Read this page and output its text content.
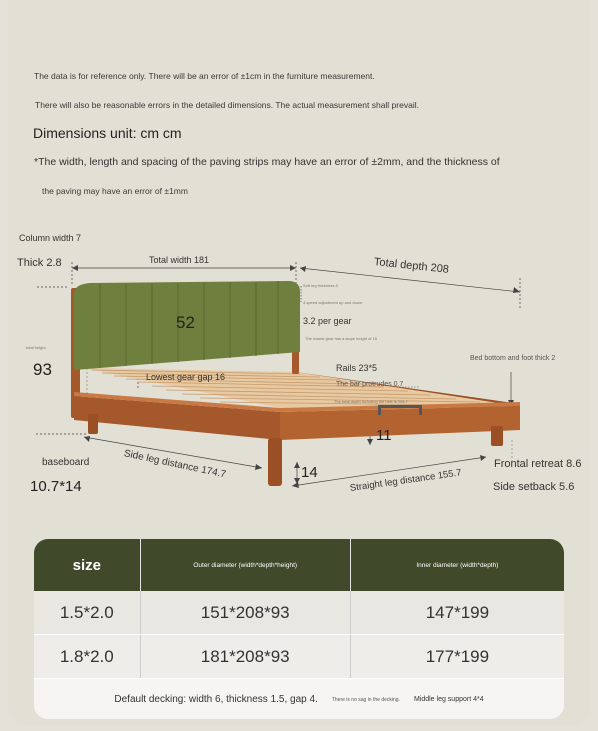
The data is for reference only. There will be an error of ±1cm in the furniture measurement.
There will also be reasonable errors in the detailed dimensions. The actual measurement shall prevail.
Dimensions unit: cm cm
*The width, length and spacing of the paving strips may have an error of ±2mm, and the thickness of
the paving may have an error of ±1mm
Column width 7
Thick 2.8	Total width 181	Total depth 208
52
Soft leg thickness 8
4 speed adjustment up and down
3.2 per gear
The lowest gear has a slope height of 16
total height
93	Rails 23*5
Bed bottom and foot thick 2
Lowest gear gap 16
The bar protrudes 0.7
The total depth including the rails is 208.7
11
Side leg distance 174.7
baseboard
10.7*14
14	Straight leg distance 155.7
Frontal retreat 8.6
Side setback 5.6
size	Outer diameter (width*depth*height)	Inner diameter (width*depth)
1.5*2.0	151*208*93	147*199
1.8*2.0	181*208*93	177*199
Default decking: width 6, thickness 1.5, gap 4.	There is no sag in the decking. Middle leg support 4*4
